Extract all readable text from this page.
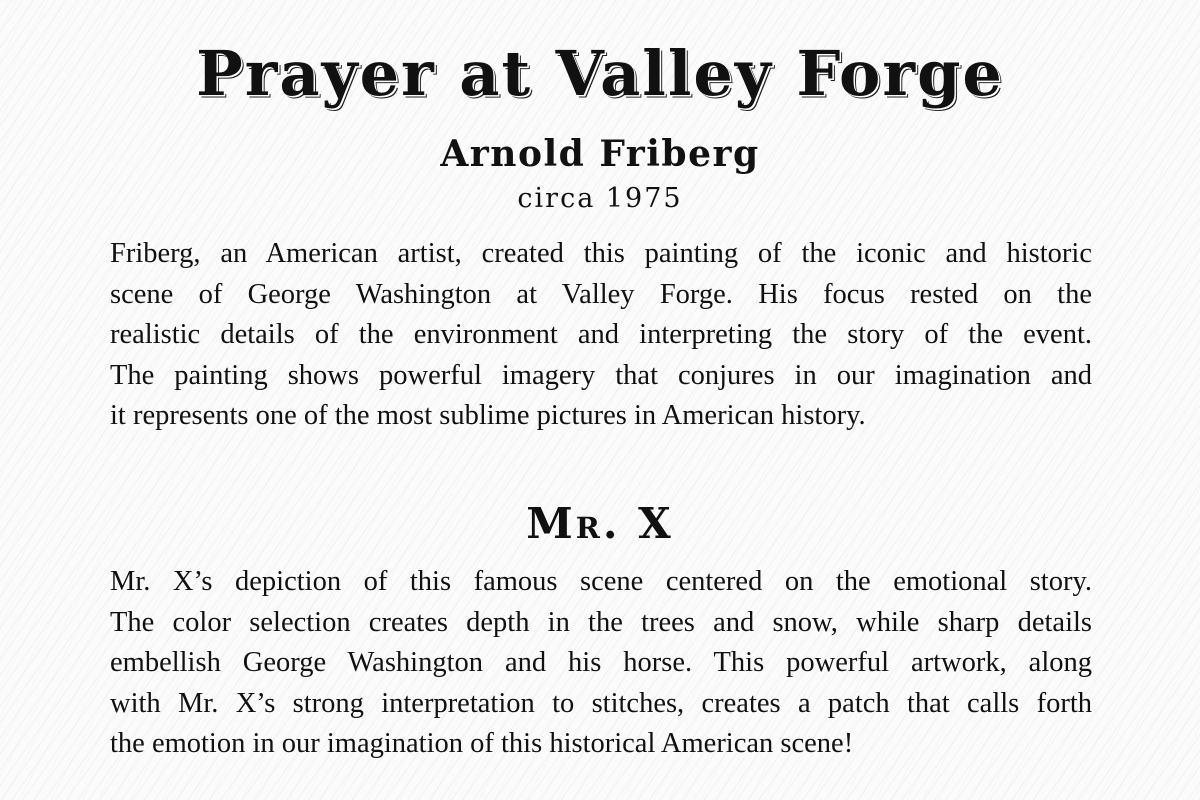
Prayer at Valley Forge
Arnold Friberg
circa 1975
Friberg, an American artist, created this painting of the iconic and historic
scene of George Washington at Valley Forge. His focus rested on the
realistic details of the environment and interpreting the story of the event.
The painting shows powerful imagery that conjures in our imagination and
it represents one of the most sublime pictures in American history.
Mr. X
Mr. X’s depiction of this famous scene centered on the emotional story.
The color selection creates depth in the trees and snow, while sharp details
embellish George Washington and his horse. This powerful artwork, along
with Mr. X’s strong interpretation to stitches, creates a patch that calls forth
the emotion in our imagination of this historical American scene!
